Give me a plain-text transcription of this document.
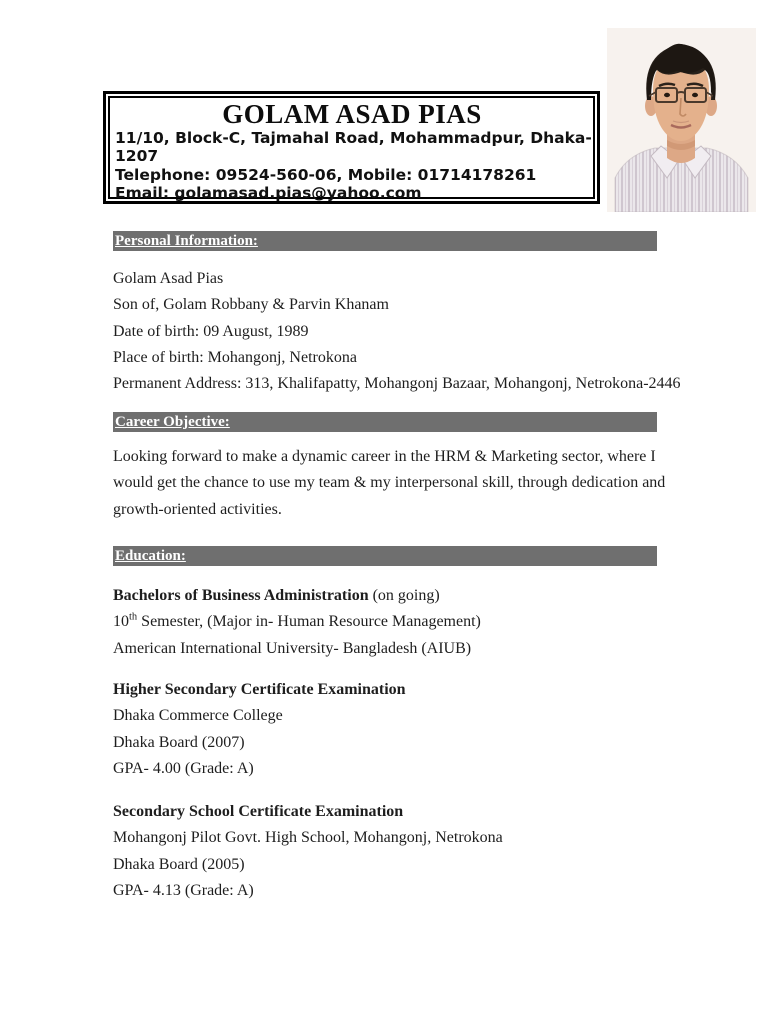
GOLAM ASAD PIAS
11/10, Block-C, Tajmahal Road, Mohammadpur, Dhaka-
1207
Telephone: 09524-560-06, Mobile: 01714178261
Email: golamasad.pias@yahoo.com
Personal Information:
Golam Asad Pias
Son of, Golam Robbany & Parvin Khanam
Date of birth: 09 August, 1989
Place of birth: Mohangonj, Netrokona
Permanent Address: 313, Khalifapatty, Mohangonj Bazaar, Mohangonj, Netrokona-2446
Career Objective:
Looking forward to make a dynamic career in the HRM & Marketing sector, where I
would get the chance to use my team & my interpersonal skill, through dedication and
growth-oriented activities.
Education:
Bachelors of Business Administration (on going)
10th Semester, (Major in- Human Resource Management)
American International University- Bangladesh (AIUB)
Higher Secondary Certificate Examination
Dhaka Commerce College
Dhaka Board (2007)
GPA- 4.00 (Grade: A)
Secondary School Certificate Examination
Mohangonj Pilot Govt. High School, Mohangonj, Netrokona
Dhaka Board (2005)
GPA- 4.13 (Grade: A)
